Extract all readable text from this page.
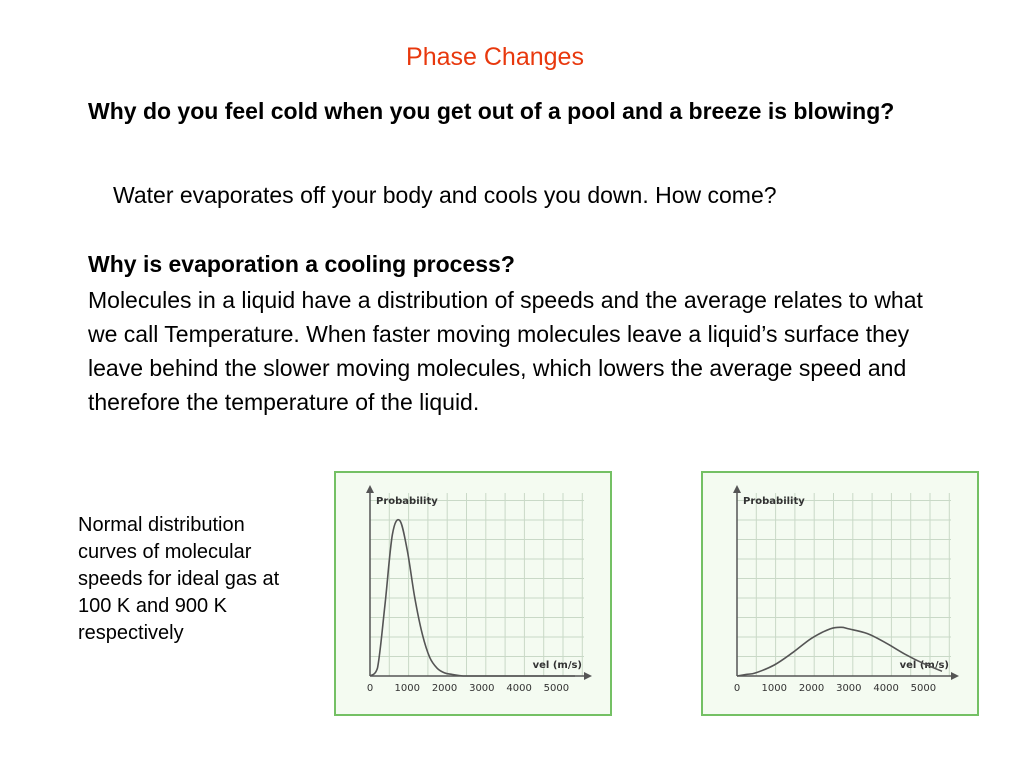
Phase Changes
Why do you feel cold when you get out of a pool and a breeze is blowing?
Water evaporates off your body and cools you down. How come?
Why is evaporation a cooling process?
Molecules in a liquid have a distribution of speeds and the average relates to what we call Temperature. When faster moving molecules leave a liquid’s surface they leave behind the slower moving molecules, which lowers the average speed and therefore the temperature of the liquid.
Normal distribution curves of molecular speeds for ideal gas at 100 K and 900 K respectively
Probability
vel (m/s)
0 1000 2000 3000 4000 5000
Probability
vel (m/s)
0 1000 2000 3000 4000 5000
